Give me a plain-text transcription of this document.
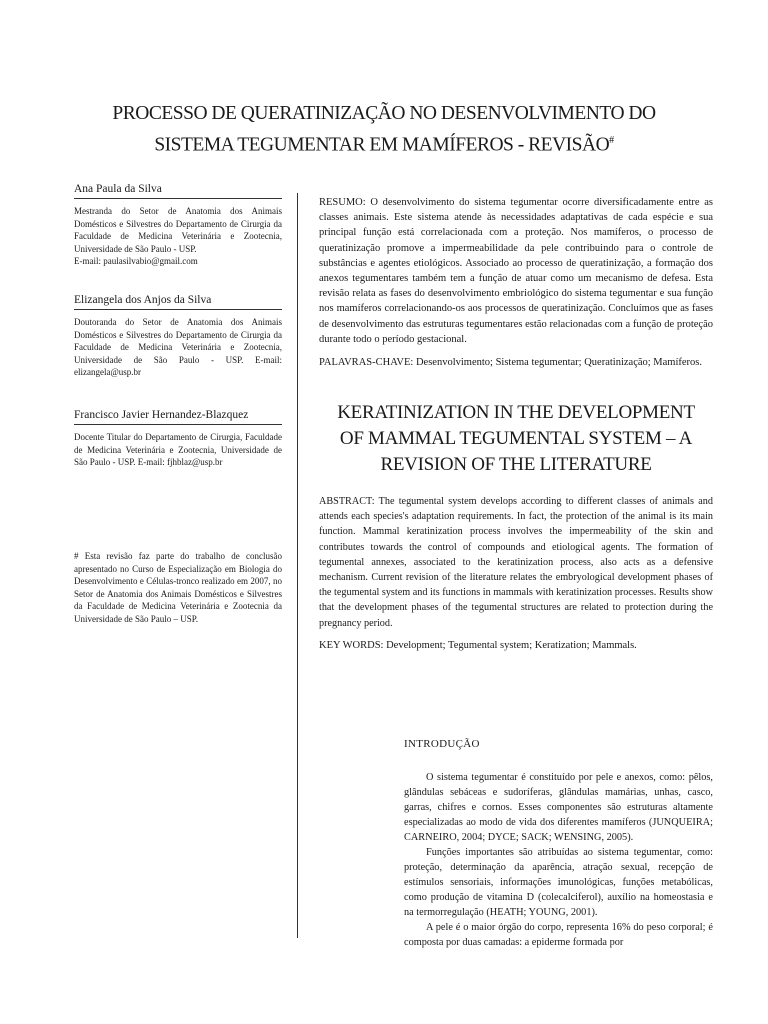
PROCESSO DE QUERATINIZAÇÃO NO DESENVOLVIMENTO DO
SISTEMA TEGUMENTAR EM MAMÍFEROS - REVISÃO#

Ana Paula da Silva

Mestranda do Setor de Anatomia dos Animais Domésticos e Silvestres do Departamento de Cirurgia da Faculdade de Medicina Veterinária e Zootecnia, Universidade de São Paulo - USP.

E-mail: paulasilvabio@gmail.com

Elizangela dos Anjos da Silva

Doutoranda do Setor de Anatomia dos Animais Domésticos e Silvestres do Departamento de Cirurgia da Faculdade de Medicina Veterinária e Zootecnia, Universidade de São Paulo - USP. E-mail: elizangela@usp.br

Francisco Javier Hernandez-Blazquez

Docente Titular do Departamento de Cirurgia, Faculdade de Medicina Veterinária e Zootecnia, Universidade de São Paulo - USP. E-mail: fjhblaz@usp.br

# Esta revisão faz parte do trabalho de conclusão apresentado no Curso de Especialização em Biologia do Desenvolvimento e Células-tronco realizado em 2007, no Setor de Anatomia dos Animais Domésticos e Silvestres da Faculdade de Medicina Veterinária e Zootecnia da Universidade de São Paulo – USP.

RESUMO: O desenvolvimento do sistema tegumentar ocorre diversificadamente entre as classes animais. Este sistema atende às necessidades adaptativas de cada espécie e sua principal função está correlacionada com a proteção. Nos mamíferos, o processo de queratinização promove a impermeabilidade da pele contribuindo para o controle de substâncias e agentes etiológicos. Associado ao processo de queratinização, a formação dos anexos tegumentares também tem a função de atuar como um mecanismo de defesa. Esta revisão relata as fases do desenvolvimento embriológico do sistema tegumentar e sua função nos mamíferos correlacionando-os aos processos de queratinização. Concluímos que as fases de desenvolvimento das estruturas tegumentares estão relacionadas com a função de proteção durante todo o período gestacional.

PALAVRAS-CHAVE: Desenvolvimento; Sistema tegumentar; Queratinização; Mamíferos.

KERATINIZATION IN THE DEVELOPMENT
OF MAMMAL TEGUMENTAL SYSTEM – A
REVISION OF THE LITERATURE

ABSTRACT: The tegumental system develops according to different classes of animals and attends each species's adaptation requirements. In fact, the protection of the animal is its main function. Mammal keratinization process involves the impermeability of the skin and contributes towards the control of compounds and etiological agents. The formation of tegumental annexes, associated to the keratinization process, also acts as a defensive mechanism. Current revision of the literature relates the embryological development phases of the tegumental system and its functions in mammals with keratinization processes. Results show that the development phases of the tegumental structures are related to protection during the pregnancy period.

KEY WORDS: Development; Tegumental system; Keratization; Mammals.

INTRODUÇÃO

O sistema tegumentar é constituído por pele e anexos, como: pêlos, glândulas sebáceas e sudoríferas, glândulas mamárias, unhas, casco, garras, chifres e cornos. Esses componentes são estruturas altamente especializadas ao modo de vida dos diferentes mamíferos (JUNQUEIRA; CARNEIRO, 2004; DYCE; SACK; WENSING, 2005).

Funções importantes são atribuídas ao sistema tegumentar, como: proteção, determinação da aparência, atração sexual, recepção de estímulos sensoriais, informações imunológicas, funções metabólicas, como produção de vitamina D (colecalciferol), auxílio na homeostasia e na termorregulação (HEATH; YOUNG, 2001).

A pele é o maior órgão do corpo, representa 16% do peso corporal; é composta por duas camadas: a epiderme formada por
